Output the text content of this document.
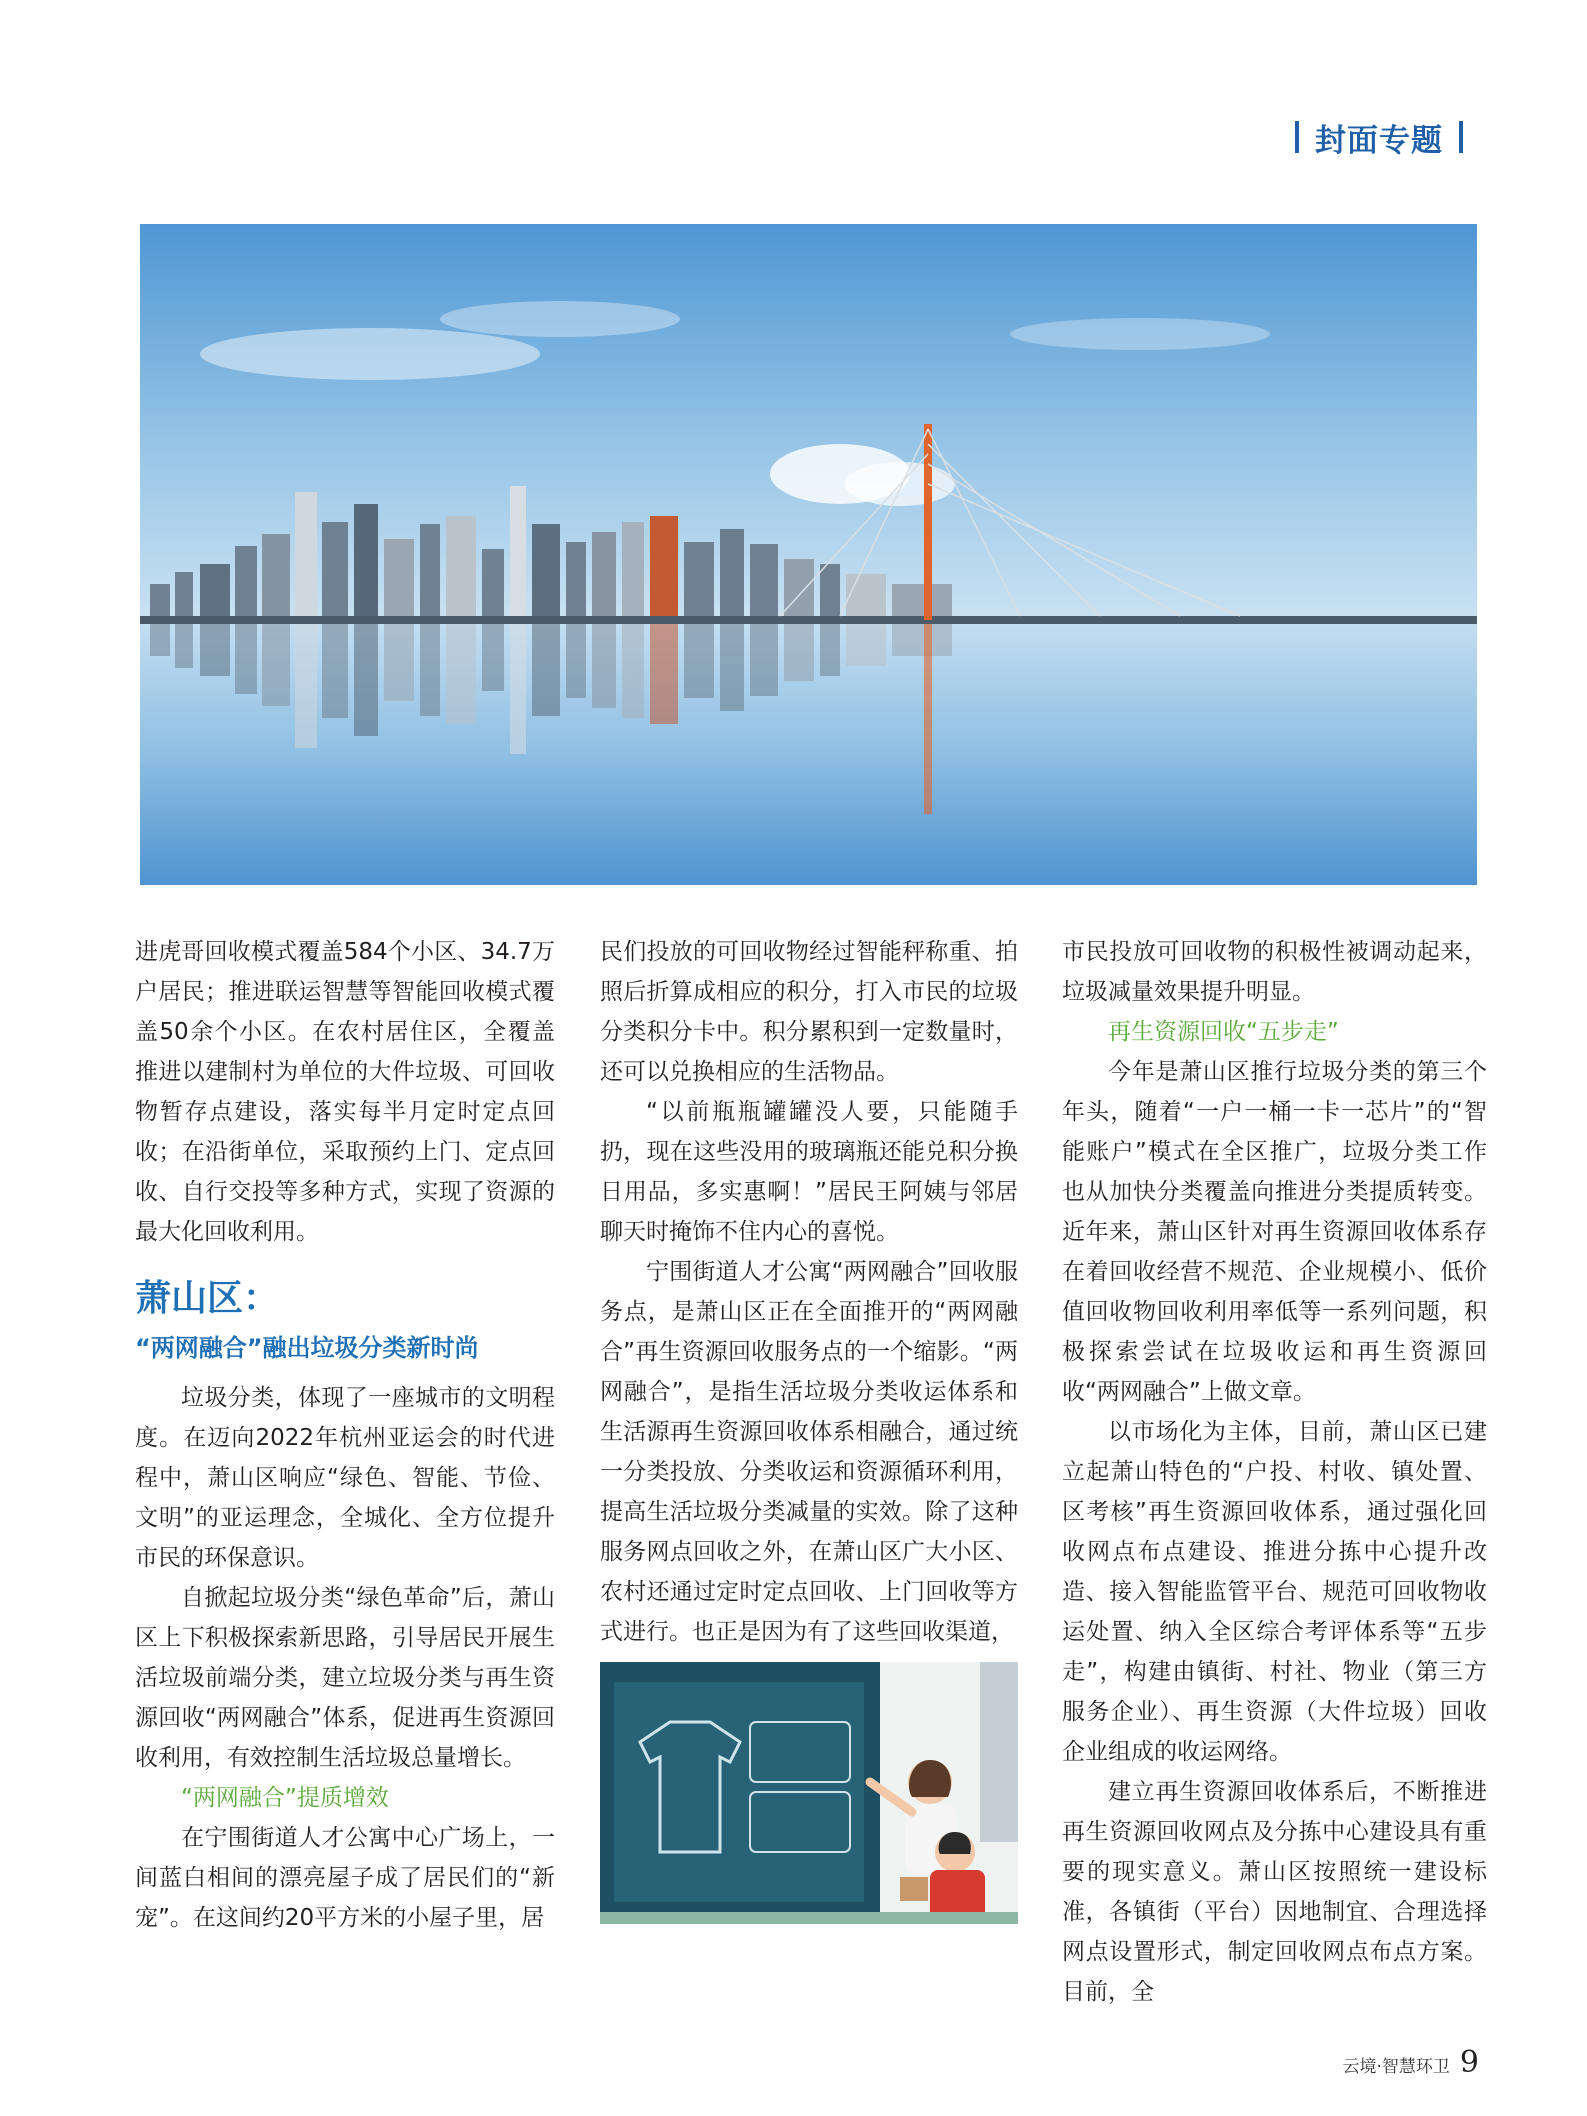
封面专题

进虎哥回收模式覆盖584个小区、34.7万户居民；推进联运智慧等智能回收模式覆盖50余个小区。在农村居住区，全覆盖推进以建制村为单位的大件垃圾、可回收物暂存点建设，落实每半月定时定点回收；在沿街单位，采取预约上门、定点回收、自行交投等多种方式，实现了资源的最大化回收利用。

萧山区：
“两网融合”融出垃圾分类新时尚

垃圾分类，体现了一座城市的文明程度。在迈向2022年杭州亚运会的时代进程中，萧山区响应“绿色、智能、节俭、文明”的亚运理念，全城化、全方位提升市民的环保意识。

自掀起垃圾分类“绿色革命”后，萧山区上下积极探索新思路，引导居民开展生活垃圾前端分类，建立垃圾分类与再生资源回收“两网融合”体系，促进再生资源回收利用，有效控制生活垃圾总量增长。

“两网融合”提质增效

在宁围街道人才公寓中心广场上，一间蓝白相间的漂亮屋子成了居民们的“新宠”。在这间约20平方米的小屋子里，居

民们投放的可回收物经过智能秤称重、拍照后折算成相应的积分，打入市民的垃圾分类积分卡中。积分累积到一定数量时，还可以兑换相应的生活物品。

“以前瓶瓶罐罐没人要，只能随手扔，现在这些没用的玻璃瓶还能兑积分换日用品，多实惠啊！”居民王阿姨与邻居聊天时掩饰不住内心的喜悦。

宁围街道人才公寓“两网融合”回收服务点，是萧山区正在全面推开的“两网融合”再生资源回收服务点的一个缩影。“两网融合”，是指生活垃圾分类收运体系和生活源再生资源回收体系相融合，通过统一分类投放、分类收运和资源循环利用，提高生活垃圾分类减量的实效。除了这种服务网点回收之外，在萧山区广大小区、农村还通过定时定点回收、上门回收等方式进行。也正是因为有了这些回收渠道，

市民投放可回收物的积极性被调动起来，垃圾减量效果提升明显。

再生资源回收“五步走”

今年是萧山区推行垃圾分类的第三个年头，随着“一户一桶一卡一芯片”的“智能账户”模式在全区推广，垃圾分类工作也从加快分类覆盖向推进分类提质转变。近年来，萧山区针对再生资源回收体系存在着回收经营不规范、企业规模小、低价值回收物回收利用率低等一系列问题，积极探索尝试在垃圾收运和再生资源回收“两网融合”上做文章。

以市场化为主体，目前，萧山区已建立起萧山特色的“户投、村收、镇处置、区考核”再生资源回收体系，通过强化回收网点布点建设、推进分拣中心提升改造、接入智能监管平台、规范可回收物收运处置、纳入全区综合考评体系等“五步走”，构建由镇街、村社、物业（第三方服务企业）、再生资源（大件垃圾）回收企业组成的收运网络。

建立再生资源回收体系后，不断推进再生资源回收网点及分拣中心建设具有重要的现实意义。萧山区按照统一建设标准，各镇街（平台）因地制宜、合理选择网点设置形式，制定回收网点布点方案。目前，全

云境·智慧环卫 9
